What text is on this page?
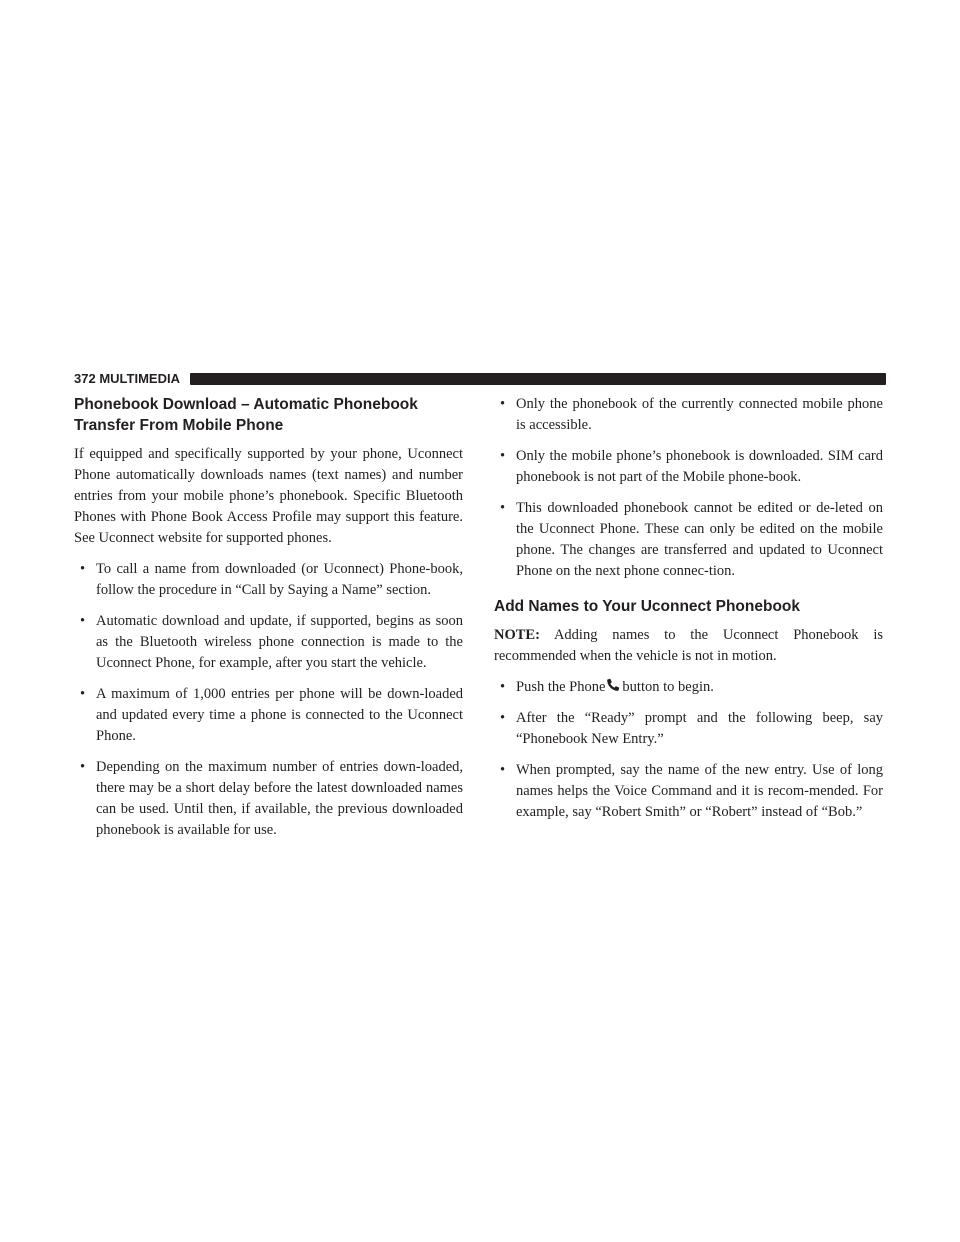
372 MULTIMEDIA
Phonebook Download – Automatic Phonebook Transfer From Mobile Phone

If equipped and specifically supported by your phone, Uconnect Phone automatically downloads names (text names) and number entries from your mobile phone’s phonebook. Specific Bluetooth Phones with Phone Book Access Profile may support this feature. See Uconnect website for supported phones.

• To call a name from downloaded (or Uconnect) Phone-book, follow the procedure in “Call by Saying a Name” section.
• Automatic download and update, if supported, begins as soon as the Bluetooth wireless phone connection is made to the Uconnect Phone, for example, after you start the vehicle.
• A maximum of 1,000 entries per phone will be down-loaded and updated every time a phone is connected to the Uconnect Phone.
• Depending on the maximum number of entries down-loaded, there may be a short delay before the latest downloaded names can be used. Until then, if available, the previous downloaded phonebook is available for use.
• Only the phonebook of the currently connected mobile phone is accessible.
• Only the mobile phone’s phonebook is downloaded. SIM card phonebook is not part of the Mobile phone-book.
• This downloaded phonebook cannot be edited or de-leted on the Uconnect Phone. These can only be edited on the mobile phone. The changes are transferred and updated to Uconnect Phone on the next phone connec-tion.
Add Names to Your Uconnect Phonebook

NOTE: Adding names to the Uconnect Phonebook is recommended when the vehicle is not in motion.

• Push the Phone button to begin.
• After the “Ready” prompt and the following beep, say “Phonebook New Entry.”
• When prompted, say the name of the new entry. Use of long names helps the Voice Command and it is recom-mended. For example, say “Robert Smith” or “Robert” instead of “Bob.”
